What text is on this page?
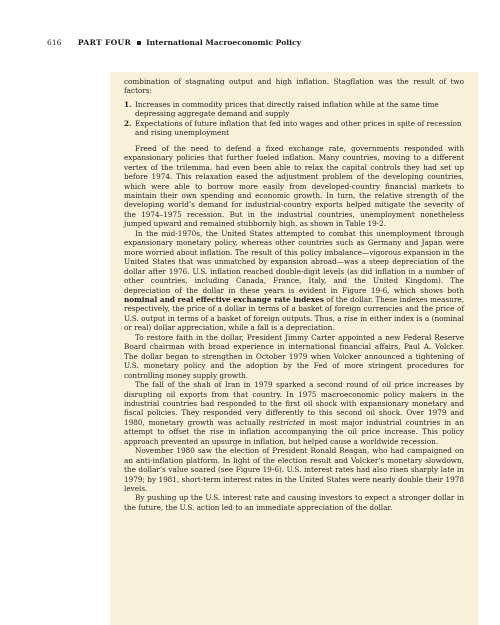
616 PART FOUR International Macroeconomic Policy

combination of stagnating output and high inflation. Stagflation was the result of two factors:

1. Increases in commodity prices that directly raised inflation while at the same time depressing aggregate demand and supply
2. Expectations of future inflation that fed into wages and other prices in spite of recession and rising unemployment

Freed of the need to defend a fixed exchange rate, governments responded with expansionary policies that further fueled inflation. Many countries, moving to a different vertex of the trilemma, had even been able to relax the capital controls they had set up before 1974. This relaxation eased the adjustment problem of the developing countries, which were able to borrow more easily from developed-country financial markets to maintain their own spending and economic growth. In turn, the relative strength of the developing world’s demand for industrial-country exports helped mitigate the severity of the 1974–1975 recession. But in the industrial countries, unemployment nonetheless jumped upward and remained stubbornly high, as shown in Table 19-2.

In the mid-1970s, the United States attempted to combat this unemployment through expansionary monetary policy, whereas other countries such as Germany and Japan were more worried about inflation. The result of this policy imbalance—vigorous expansion in the United States that was unmatched by expansion abroad—was a steep depreciation of the dollar after 1976. U.S. inflation reached double-digit levels (as did inflation in a number of other countries, including Canada, France, Italy, and the United Kingdom). The depreciation of the dollar in these years is evident in Figure 19-6, which shows both nominal and real effective exchange rate indexes of the dollar. These indexes measure, respectively, the price of a dollar in terms of a basket of foreign currencies and the price of U.S. output in terms of a basket of foreign outputs. Thus, a rise in either index is a (nominal or real) dollar appreciation, while a fall is a depreciation.

To restore faith in the dollar, President Jimmy Carter appointed a new Federal Reserve Board chairman with broad experience in international financial affairs, Paul A. Volcker. The dollar began to strengthen in October 1979 when Volcker announced a tightening of U.S. monetary policy and the adoption by the Fed of more stringent procedures for controlling money supply growth.

The fall of the shah of Iran in 1979 sparked a second round of oil price increases by disrupting oil exports from that country. In 1975 macroeconomic policy makers in the industrial countries had responded to the first oil shock with expansionary monetary and fiscal policies. They responded very differently to this second oil shock. Over 1979 and 1980, monetary growth was actually restricted in most major industrial countries in an attempt to offset the rise in inflation accompanying the oil price increase. This policy approach prevented an upsurge in inflation, but helped cause a worldwide recession.

November 1980 saw the election of President Ronald Reagan, who had campaigned on an anti-inflation platform. In light of the election result and Volcker’s monetary slowdown, the dollar’s value soared (see Figure 19-6). U.S. interest rates had also risen sharply late in 1979; by 1981, short-term interest rates in the United States were nearly double their 1978 levels.

By pushing up the U.S. interest rate and causing investors to expect a stronger dollar in the future, the U.S. action led to an immediate appreciation of the dollar.
